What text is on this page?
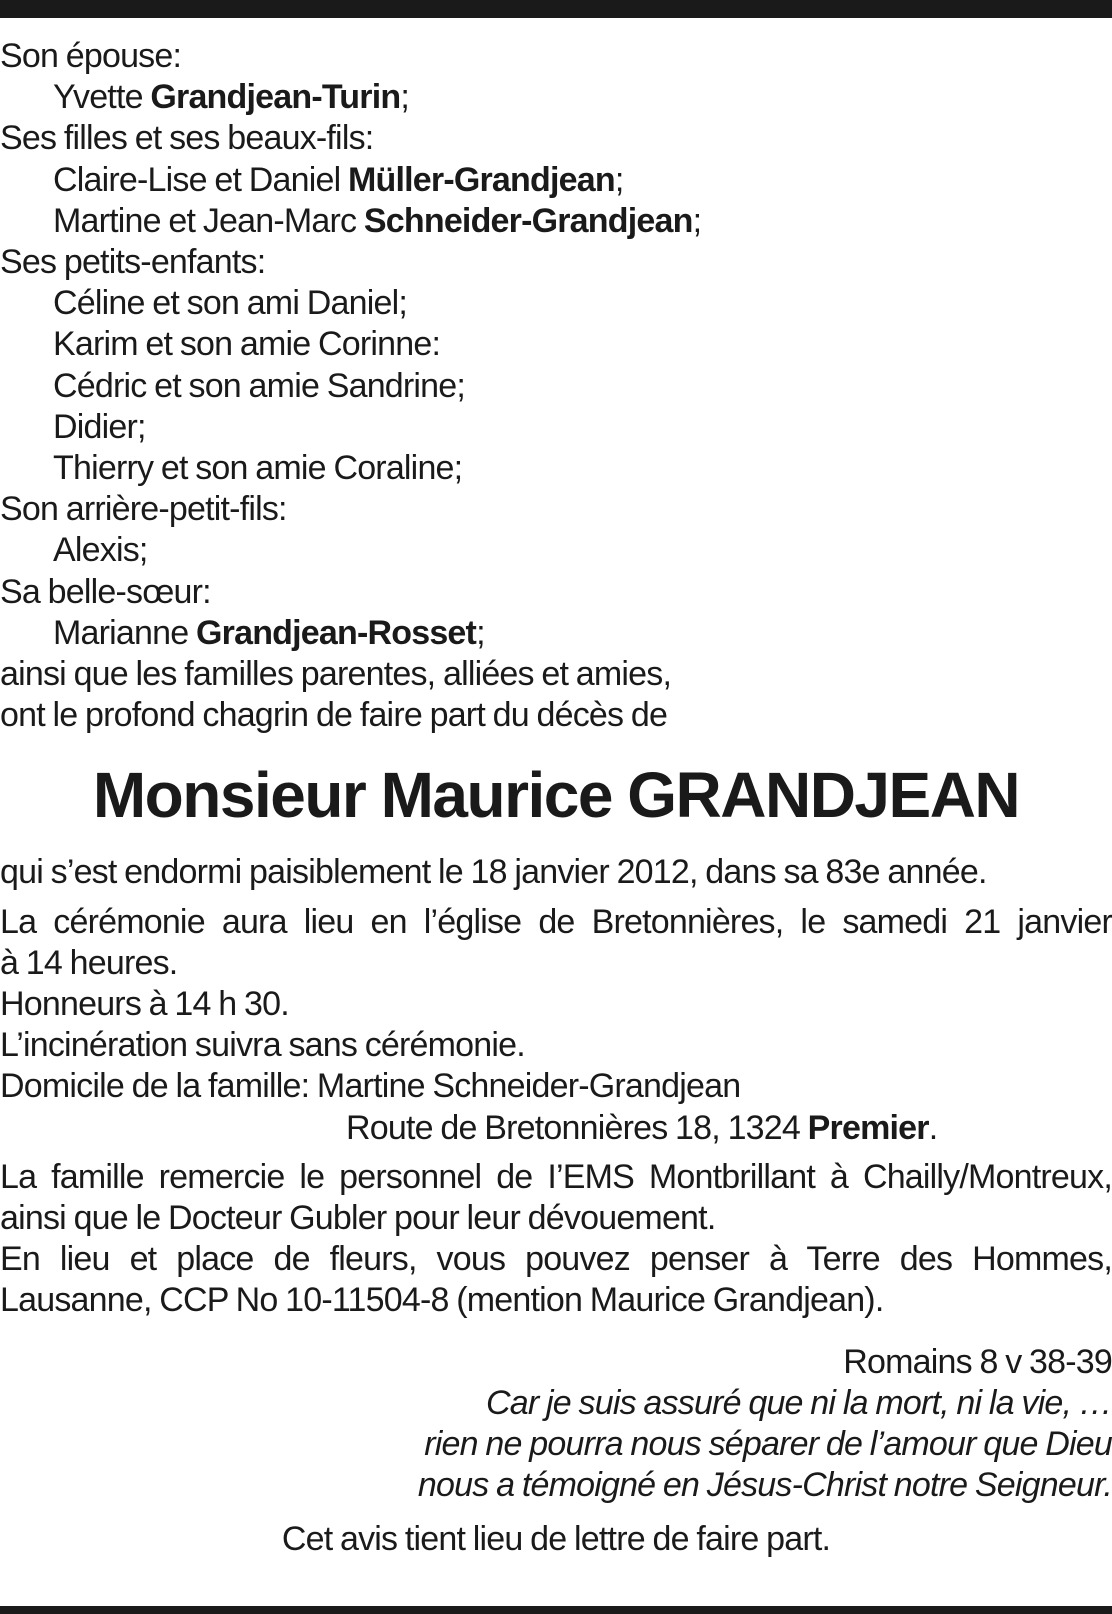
Son épouse:
Yvette Grandjean-Turin;
Ses filles et ses beaux-fils:
Claire-Lise et Daniel Müller-Grandjean;
Martine et Jean-Marc Schneider-Grandjean;
Ses petits-enfants:
Céline et son ami Daniel;
Karim et son amie Corinne:
Cédric et son amie Sandrine;
Didier;
Thierry et son amie Coraline;
Son arrière-petit-fils:
Alexis;
Sa belle-sœur:
Marianne Grandjean-Rosset;
ainsi que les familles parentes, alliées et amies,
ont le profond chagrin de faire part du décès de
Monsieur Maurice GRANDJEAN
qui s’est endormi paisiblement le 18 janvier 2012, dans sa 83e année.
La cérémonie aura lieu en l’église de Bretonnières, le samedi 21 janvier
à 14 heures.
Honneurs à 14 h 30.
L’incinération suivra sans cérémonie.
Domicile de la famille: Martine Schneider-Grandjean
Route de Bretonnières 18, 1324 Premier.
La famille remercie le personnel de I’EMS Montbrillant à Chailly/Montreux,
ainsi que le Docteur Gubler pour leur dévouement.
En lieu et place de fleurs, vous pouvez penser à Terre des Hommes,
Lausanne, CCP No 10-11504-8 (mention Maurice Grandjean).
Romains 8 v 38-39
Car je suis assuré que ni la mort, ni la vie, …
rien ne pourra nous séparer de l’amour que Dieu
nous a témoigné en Jésus-Christ notre Seigneur.
Cet avis tient lieu de lettre de faire part.
